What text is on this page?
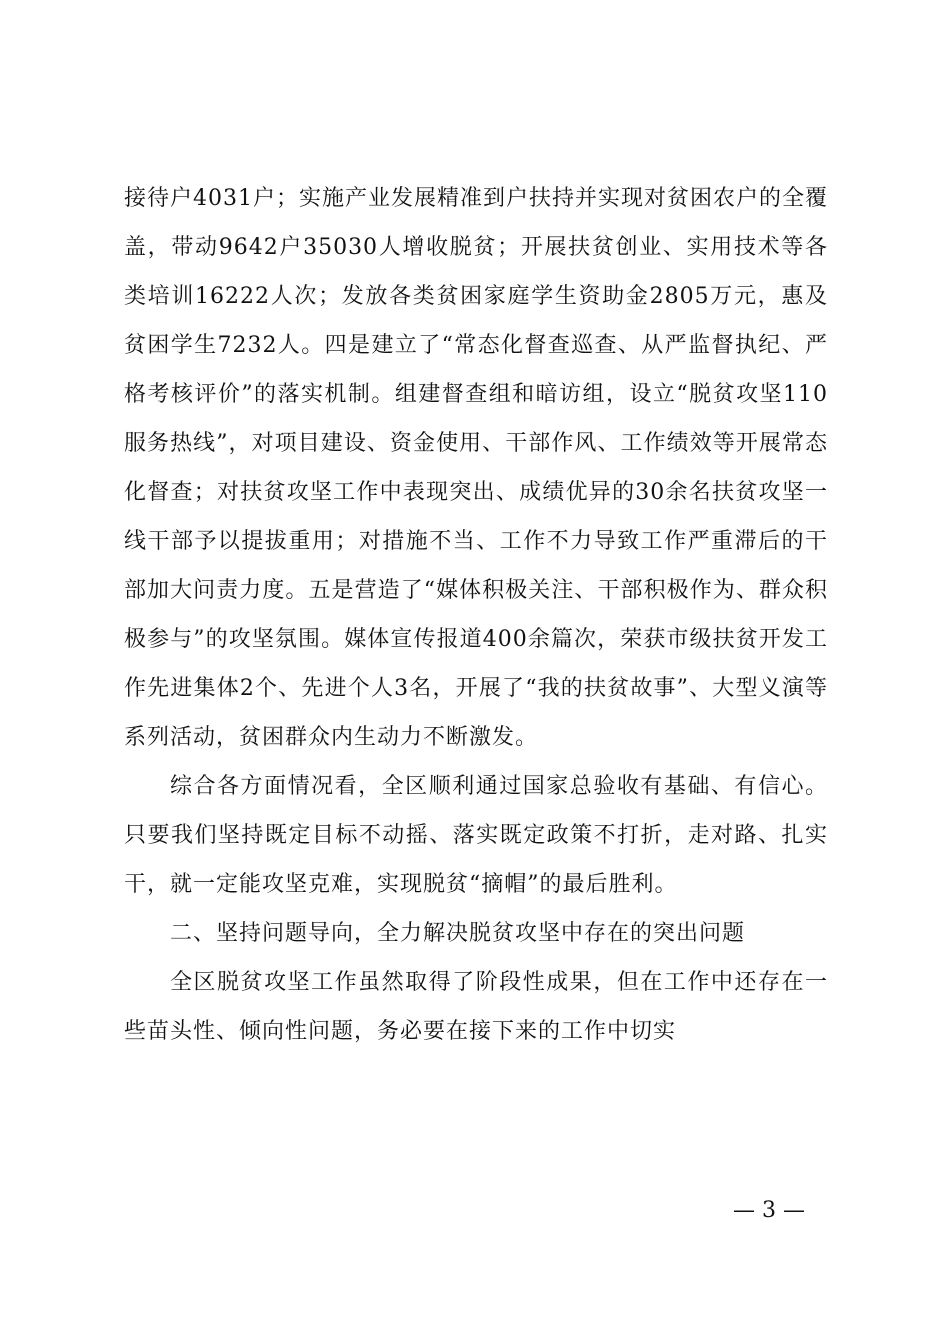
接待户4031户；实施产业发展精准到户扶持并实现对贫困农户的全覆盖，带动9642户35030人增收脱贫；开展扶贫创业、实用技术等各类培训16222人次；发放各类贫困家庭学生资助金2805万元，惠及贫困学生7232人。四是建立了“常态化督查巡查、从严监督执纪、严格考核评价”的落实机制。组建督查组和暗访组，设立“脱贫攻坚110服务热线”，对项目建设、资金使用、干部作风、工作绩效等开展常态化督查；对扶贫攻坚工作中表现突出、成绩优异的30余名扶贫攻坚一线干部予以提拔重用；对措施不当、工作不力导致工作严重滞后的干部加大问责力度。五是营造了“媒体积极关注、干部积极作为、群众积极参与”的攻坚氛围。媒体宣传报道400余篇次，荣获市级扶贫开发工作先进集体2个、先进个人3名，开展了“我的扶贫故事”、大型义演等系列活动，贫困群众内生动力不断激发。

综合各方面情况看，全区顺利通过国家总验收有基础、有信心。只要我们坚持既定目标不动摇、落实既定政策不打折，走对路、扎实干，就一定能攻坚克难，实现脱贫“摘帽”的最后胜利。

二、坚持问题导向，全力解决脱贫攻坚中存在的突出问题

全区脱贫攻坚工作虽然取得了阶段性成果，但在工作中还存在一些苗头性、倾向性问题，务必要在接下来的工作中切实

— 3 —
